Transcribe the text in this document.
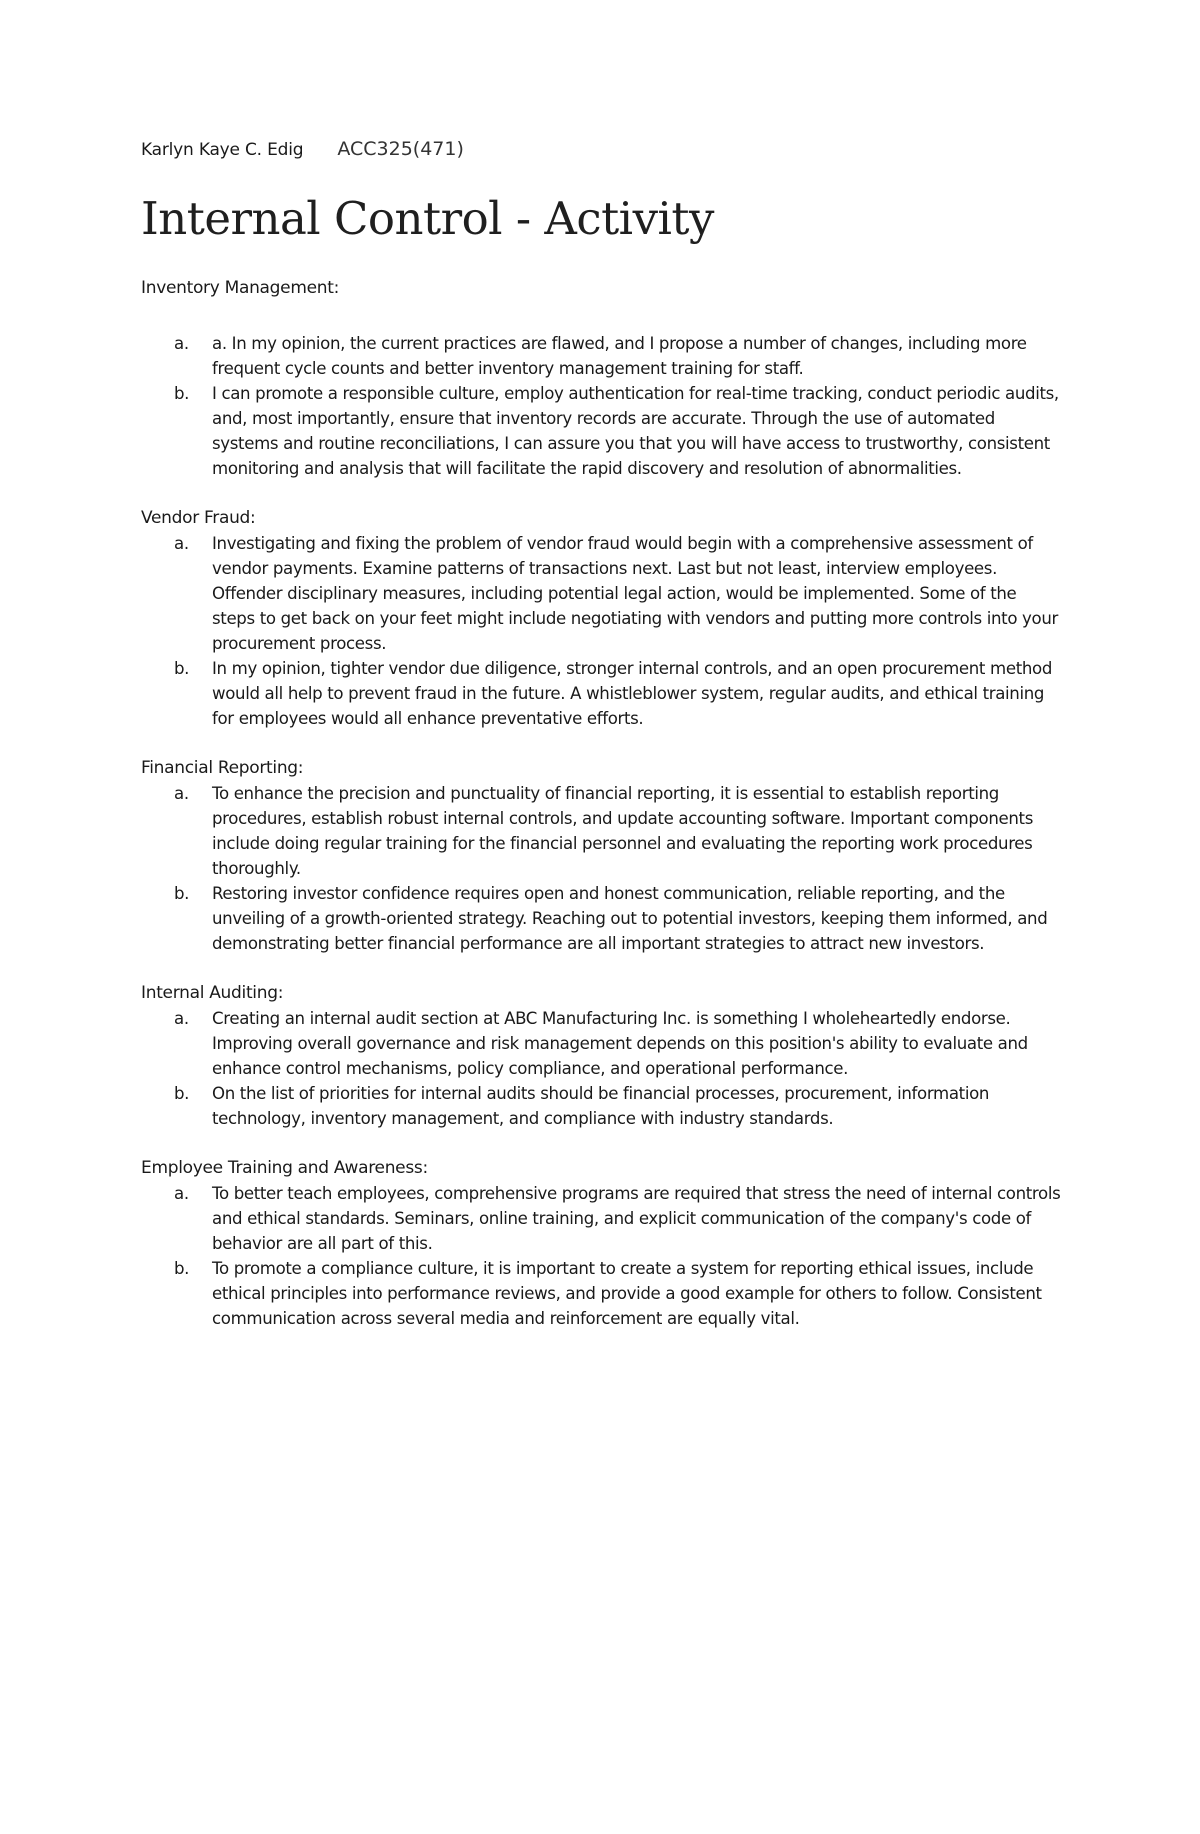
Karlyn Kaye C. Edig ACC325(471)
Internal Control - Activity

Inventory Management:

a. a. In my opinion, the current practices are flawed, and I propose a number of changes, including more frequent cycle counts and better inventory management training for staff.
b. I can promote a responsible culture, employ authentication for real-time tracking, conduct periodic audits, and, most importantly, ensure that inventory records are accurate. Through the use of automated systems and routine reconciliations, I can assure you that you will have access to trustworthy, consistent monitoring and analysis that will facilitate the rapid discovery and resolution of abnormalities.

Vendor Fraud:

a. Investigating and fixing the problem of vendor fraud would begin with a comprehensive assessment of vendor payments. Examine patterns of transactions next. Last but not least, interview employees. Offender disciplinary measures, including potential legal action, would be implemented. Some of the steps to get back on your feet might include negotiating with vendors and putting more controls into your procurement process.
b. In my opinion, tighter vendor due diligence, stronger internal controls, and an open procurement method would all help to prevent fraud in the future. A whistleblower system, regular audits, and ethical training for employees would all enhance preventative efforts.

Financial Reporting:

a. To enhance the precision and punctuality of financial reporting, it is essential to establish reporting procedures, establish robust internal controls, and update accounting software. Important components include doing regular training for the financial personnel and evaluating the reporting work procedures thoroughly.
b. Restoring investor confidence requires open and honest communication, reliable reporting, and the unveiling of a growth-oriented strategy. Reaching out to potential investors, keeping them informed, and demonstrating better financial performance are all important strategies to attract new investors.

Internal Auditing:

a. Creating an internal audit section at ABC Manufacturing Inc. is something I wholeheartedly endorse. Improving overall governance and risk management depends on this position's ability to evaluate and enhance control mechanisms, policy compliance, and operational performance.
b. On the list of priorities for internal audits should be financial processes, procurement, information technology, inventory management, and compliance with industry standards.

Employee Training and Awareness:

a. To better teach employees, comprehensive programs are required that stress the need of internal controls and ethical standards. Seminars, online training, and explicit communication of the company's code of behavior are all part of this.
b. To promote a compliance culture, it is important to create a system for reporting ethical issues, include ethical principles into performance reviews, and provide a good example for others to follow. Consistent communication across several media and reinforcement are equally vital.
